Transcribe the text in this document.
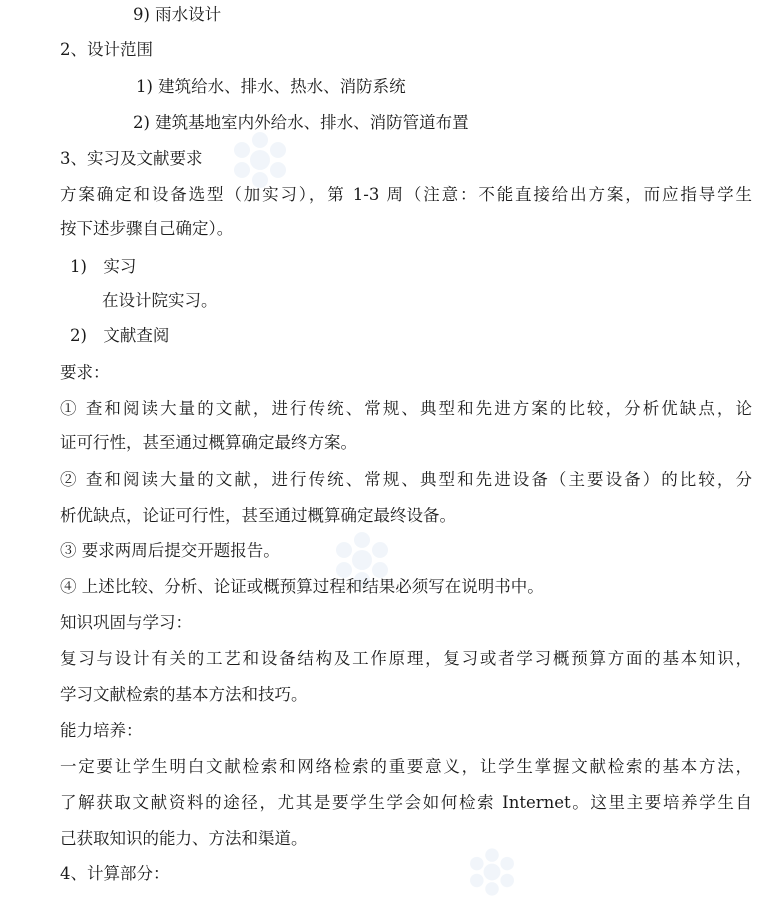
9) 雨水设计
2、设计范围
1) 建筑给水、排水、热水、消防系统
2) 建筑基地室内外给水、排水、消防管道布置
3、实习及文献要求
方案确定和设备选型（加实习），第 1-3 周（注意：不能直接给出方案，而应指导学生
按下述步骤自己确定）。
1)　实习
在设计院实习。
2)　文献查阅
要求：
① 查和阅读大量的文献，进行传统、常规、典型和先进方案的比较，分析优缺点，论
证可行性，甚至通过概算确定最终方案。
② 查和阅读大量的文献，进行传统、常规、典型和先进设备（主要设备）的比较，分
析优缺点，论证可行性，甚至通过概算确定最终设备。
③ 要求两周后提交开题报告。
④ 上述比较、分析、论证或概预算过程和结果必须写在说明书中。
知识巩固与学习：
复习与设计有关的工艺和设备结构及工作原理，复习或者学习概预算方面的基本知识，
学习文献检索的基本方法和技巧。
能力培养：
一定要让学生明白文献检索和网络检索的重要意义，让学生掌握文献检索的基本方法，
了解获取文献资料的途径，尤其是要学生学会如何检索 Internet。这里主要培养学生自
己获取知识的能力、方法和渠道。
4、计算部分：
